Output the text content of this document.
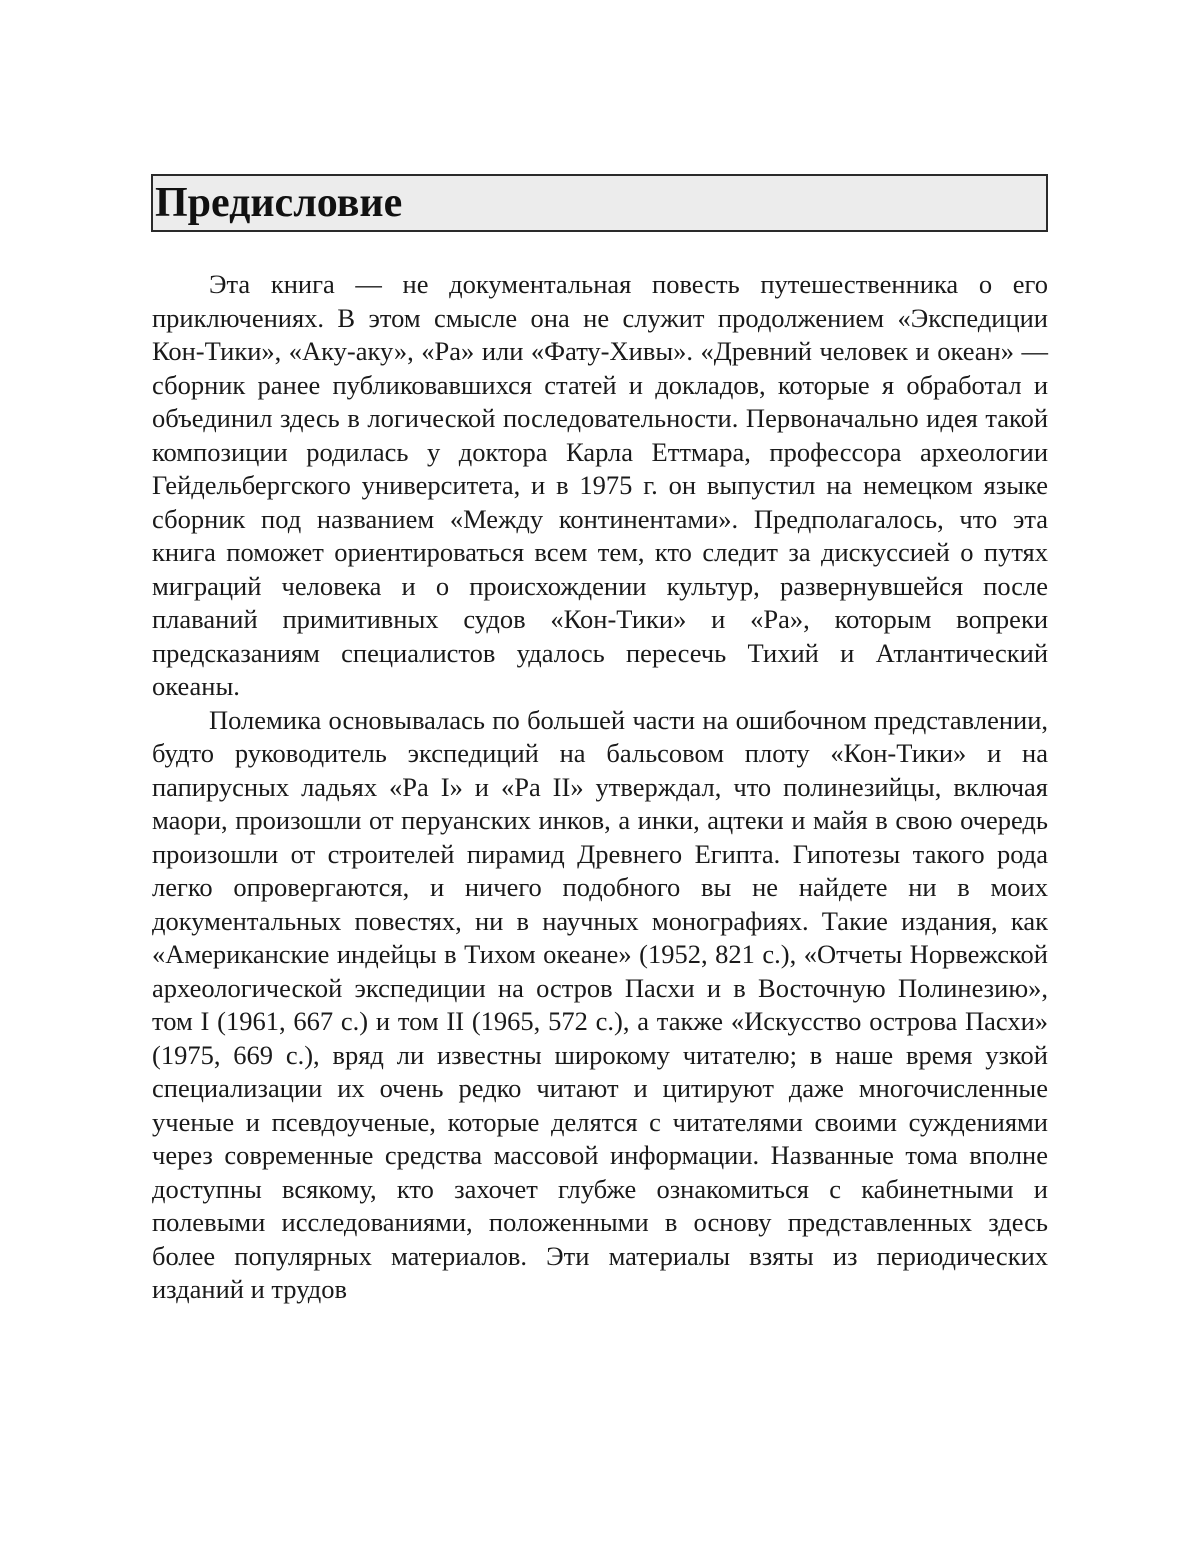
Предисловие

Эта книга — не документальная повесть путешественника о его приключениях. В этом смысле она не служит продолжением «Экспедиции Кон-Тики», «Аку-аку», «Ра» или «Фату-Хивы». «Древний человек и океан» — сборник ранее публиковавшихся статей и докладов, которые я обработал и объединил здесь в логической последовательности. Первоначально идея такой композиции родилась у доктора Карла Еттмара, профессора археологии Гейдельбергского университета, и в 1975 г. он выпустил на немецком языке сборник под названием «Между континентами». Предполагалось, что эта книга поможет ориентироваться всем тем, кто следит за дискуссией о путях миграций человека и о происхождении культур, развернувшейся после плаваний примитивных судов «Кон-Тики» и «Ра», которым вопреки предсказаниям специалистов удалось пересечь Тихий и Атлантический океаны.

Полемика основывалась по большей части на ошибочном представлении, будто руководитель экспедиций на бальсовом плоту «Кон-Тики» и на папирусных ладьях «Ра I» и «Ра II» утверждал, что полинезийцы, включая маори, произошли от перуанских инков, а инки, ацтеки и майя в свою очередь произошли от строителей пирамид Древнего Египта. Гипотезы такого рода легко опровергаются, и ничего подобного вы не найдете ни в моих документальных повестях, ни в научных монографиях. Такие издания, как «Американские индейцы в Тихом океане» (1952, 821 с.), «Отчеты Норвежской археологической экспедиции на остров Пасхи и в Восточную Полинезию», том I (1961, 667 с.) и том II (1965, 572 с.), а также «Искусство острова Пасхи» (1975, 669 с.), вряд ли известны широкому читателю; в наше время узкой специализации их очень редко читают и цитируют даже многочисленные ученые и псевдоученые, которые делятся с читателями своими суждениями через современные средства массовой информации. Названные тома вполне доступны всякому, кто захочет глубже ознакомиться с кабинетными и полевыми исследованиями, положенными в основу представленных здесь более популярных материалов. Эти материалы взяты из периодических изданий и трудов
